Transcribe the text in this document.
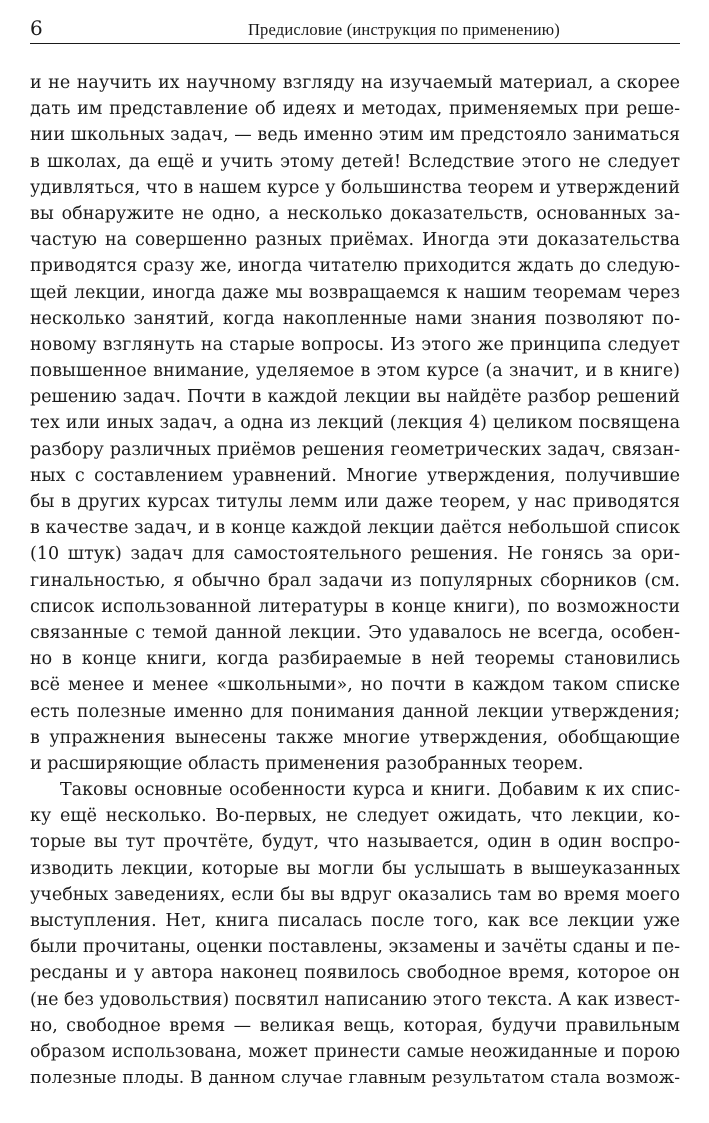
6	Предисловие (инструкция по применению)
и не научить их научному взгляду на изучаемый материал, а скорее
дать им представление об идеях и методах, применяемых при реше-
нии школьных задач, — ведь именно этим им предстояло заниматься
в школах, да ещё и учить этому детей! Вследствие этого не следует
удивляться, что в нашем курсе у большинства теорем и утверждений
вы обнаружите не одно, а несколько доказательств, основанных за-
частую на совершенно разных приёмах. Иногда эти доказательства
приводятся сразу же, иногда читателю приходится ждать до следую-
щей лекции, иногда даже мы возвращаемся к нашим теоремам через
несколько занятий, когда накопленные нами знания позволяют по-
новому взглянуть на старые вопросы. Из этого же принципа следует
повышенное внимание, уделяемое в этом курсе (а значит, и в книге)
решению задач. Почти в каждой лекции вы найдёте разбор решений
тех или иных задач, а одна из лекций (лекция 4) целиком посвящена
разбору различных приёмов решения геометрических задач, связан-
ных с составлением уравнений. Многие утверждения, получившие
бы в других курсах титулы лемм или даже теорем, у нас приводятся
в качестве задач, и в конце каждой лекции даётся небольшой список
(10 штук) задач для самостоятельного решения. Не гонясь за ори-
гинальностью, я обычно брал задачи из популярных сборников (см.
список использованной литературы в конце книги), по возможности
связанные с темой данной лекции. Это удавалось не всегда, особен-
но в конце книги, когда разбираемые в ней теоремы становились
всё менее и менее «школьными», но почти в каждом таком списке
есть полезные именно для понимания данной лекции утверждения;
в упражнения вынесены также многие утверждения, обобщающие
и расширяющие область применения разобранных теорем.
Таковы основные особенности курса и книги. Добавим к их спис-
ку ещё несколько. Во-первых, не следует ожидать, что лекции, ко-
торые вы тут прочтёте, будут, что называется, один в один воспро-
изводить лекции, которые вы могли бы услышать в вышеуказанных
учебных заведениях, если бы вы вдруг оказались там во время моего
выступления. Нет, книга писалась после того, как все лекции уже
были прочитаны, оценки поставлены, экзамены и зачёты сданы и пе-
ресданы и у автора наконец появилось свободное время, которое он
(не без удовольствия) посвятил написанию этого текста. А как извест-
но, свободное время — великая вещь, которая, будучи правильным
образом использована, может принести самые неожиданные и порою
полезные плоды. В данном случае главным результатом стала возмож-
